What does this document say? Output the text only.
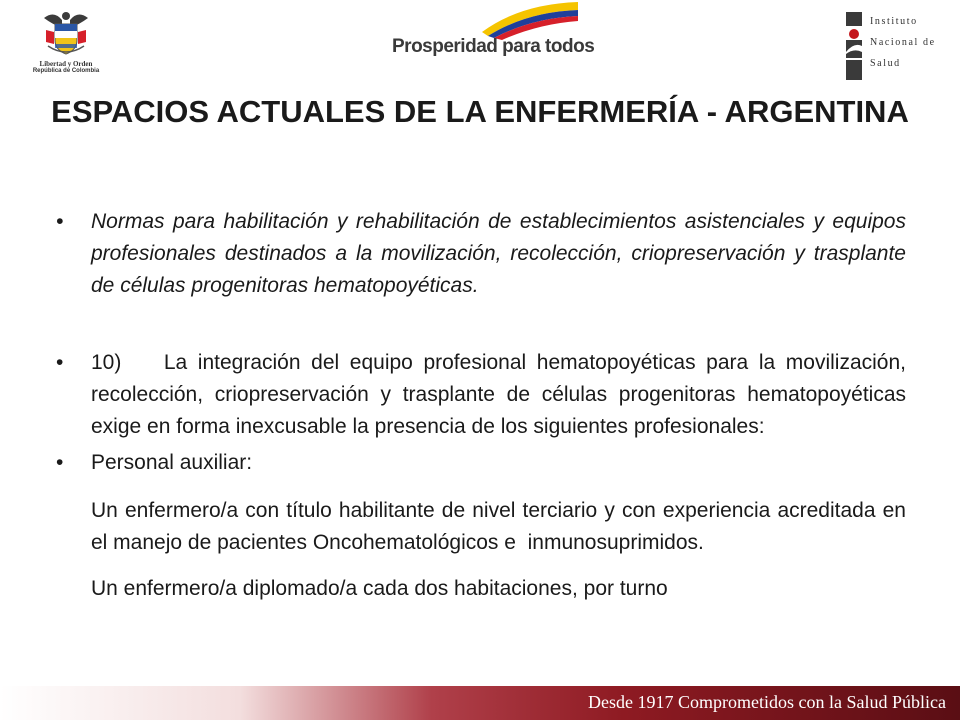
Libertad y Orden
República de Colombia
Prosperidad para todos
Instituto
Nacional de
Salud
ESPACIOS ACTUALES DE LA ENFERMERÍA - ARGENTINA

• Normas para habilitación y rehabilitación de establecimientos asistenciales y equipos profesionales destinados a la movilización, recolección, criopreservación y trasplante de células progenitoras hematopoyéticas.

• 10)    La integración del equipo profesional hematopoyéticas para la movilización,    recolección, criopreservación y trasplante de células progenitoras hematopoyéticas    exige en forma inexcusable la presencia de los siguientes profesionales:

• Personal auxiliar:

Un enfermero/a con título habilitante de nivel terciario y con experiencia acreditada en el manejo de pacientes Oncohematológicos e  inmunosuprimidos.

Un enfermero/a diplomado/a cada dos habitaciones, por turno

Desde 1917 Comprometidos con la Salud Pública
